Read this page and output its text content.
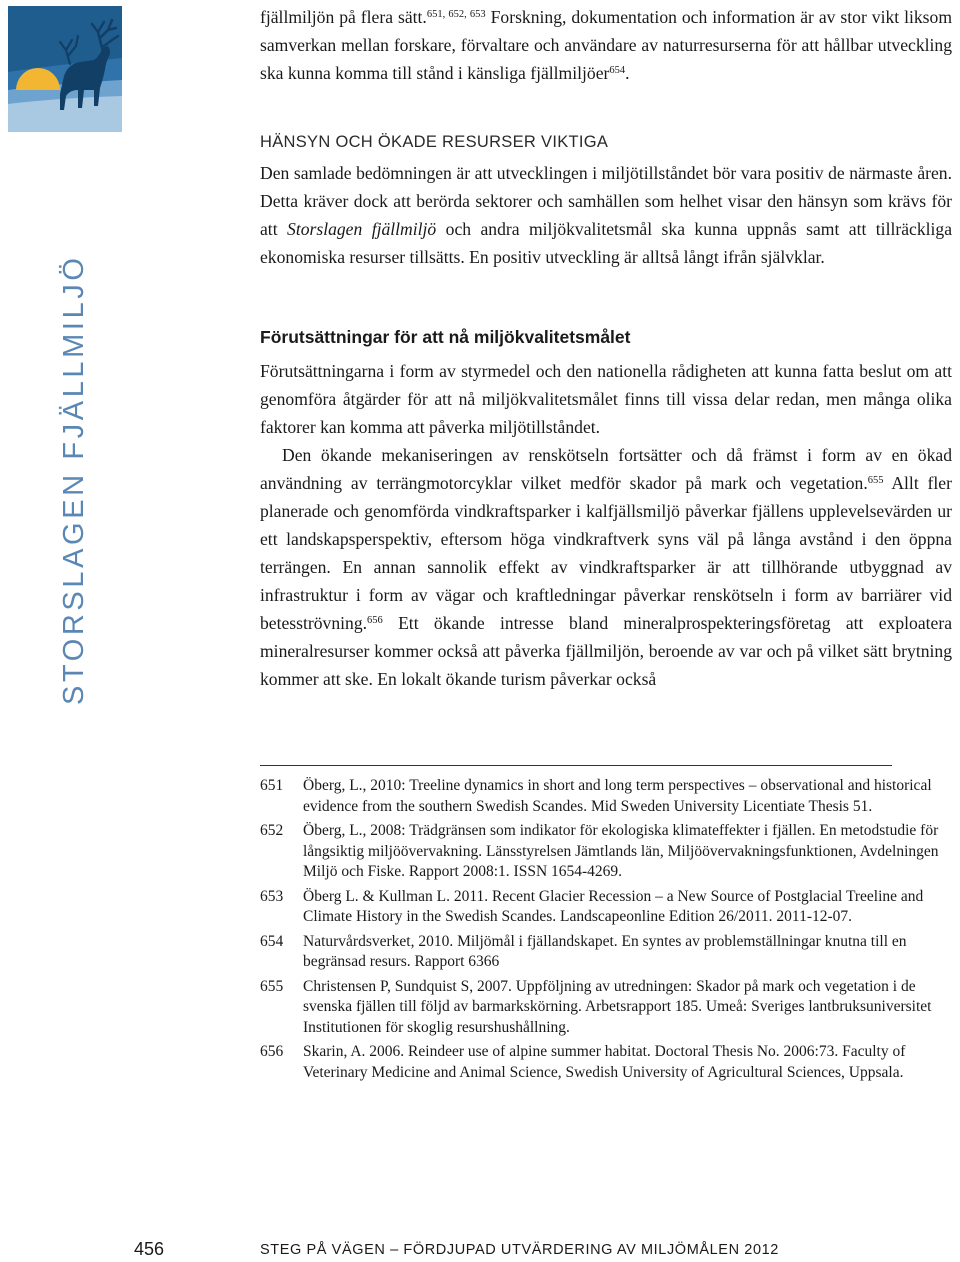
STORSLAGEN FJÄLLMILJÖ

fjällmiljön på flera sätt.$^{651, 652, 653}$ Forskning, dokumentation och information är av stor vikt liksom samverkan mellan forskare, förvaltare och användare av naturresurserna för att hållbar utveckling ska kunna komma till stånd i känsliga fjällmiljöer$^{654}$.

HÄNSYN OCH ÖKADE RESURSER VIKTIGA

Den samlade bedömningen är att utvecklingen i miljötillståndet bör vara positiv de närmaste åren. Detta kräver dock att berörda sektorer och samhällen som helhet visar den hänsyn som krävs för att Storslagen fjällmiljö och andra miljökvalitetsmål ska kunna uppnås samt att tillräckliga ekonomiska resurser tillsätts. En positiv utveckling är alltså långt ifrån självklar.

Förutsättningar för att nå miljökvalitetsmålet

Förutsättningarna i form av styrmedel och den nationella rådigheten att kunna fatta beslut om att genomföra åtgärder för att nå miljökvalitetsmålet finns till vissa delar redan, men många olika faktorer kan komma att påverka miljötillståndet.

Den ökande mekaniseringen av renskötseln fortsätter och då främst i form av en ökad användning av terrängmotorcyklar vilket medför skador på mark och vegetation.$^{655}$ Allt fler planerade och genomförda vindkraftsparker i kalfjällsmiljö påverkar fjällens upplevelsevärden ur ett landskapsperspektiv, eftersom höga vindkraftverk syns väl på långa avstånd i den öppna terrängen. En annan sannolik effekt av vindkraftsparker är att tillhörande utbyggnad av infrastruktur i form av vägar och kraftledningar påverkar renskötseln i form av barriärer vid betesströvning.$^{656}$ Ett ökande intresse bland mineralprospekteringsföretag att exploatera mineralresurser kommer också att påverka fjällmiljön, beroende av var och på vilket sätt brytning kommer att ske. En lokalt ökande turism påverkar också

651	Öberg, L., 2010: Treeline dynamics in short and long term perspectives – observational and historical evidence from the southern Swedish Scandes. Mid Sweden University Licentiate Thesis 51.
652	Öberg, L., 2008: Trädgränsen som indikator för ekologiska klimateffekter i fjällen. En metodstudie för långsiktig miljöövervakning. Länsstyrelsen Jämtlands län, Miljöövervakningsfunktionen, Avdelningen Miljö och Fiske. Rapport 2008:1. ISSN 1654-4269.
653	Öberg L. & Kullman L. 2011. Recent Glacier Recession – a New Source of Postglacial Treeline and Climate History in the Swedish Scandes. Landscapeonline Edition 26/2011. 2011-12-07.
654	Naturvårdsverket, 2010. Miljömål i fjällandskapet. En syntes av problemställningar knutna till en begränsad resurs. Rapport 6366
655	Christensen P, Sundquist S, 2007. Uppföljning av utredningen: Skador på mark och vegetation i de svenska fjällen till följd av barmarkskörning. Arbetsrapport 185. Umeå: Sveriges lantbruksuniversitet Institutionen för skoglig resurshushållning.
656	Skarin, A. 2006. Reindeer use of alpine summer habitat. Doctoral Thesis No. 2006:73. Faculty of Veterinary Medicine and Animal Science, Swedish University of Agricultural Sciences, Uppsala.
456	STEG PÅ VÄGEN – FÖRDJUPAD UTVÄRDERING AV MILJÖMÅLEN 2012
